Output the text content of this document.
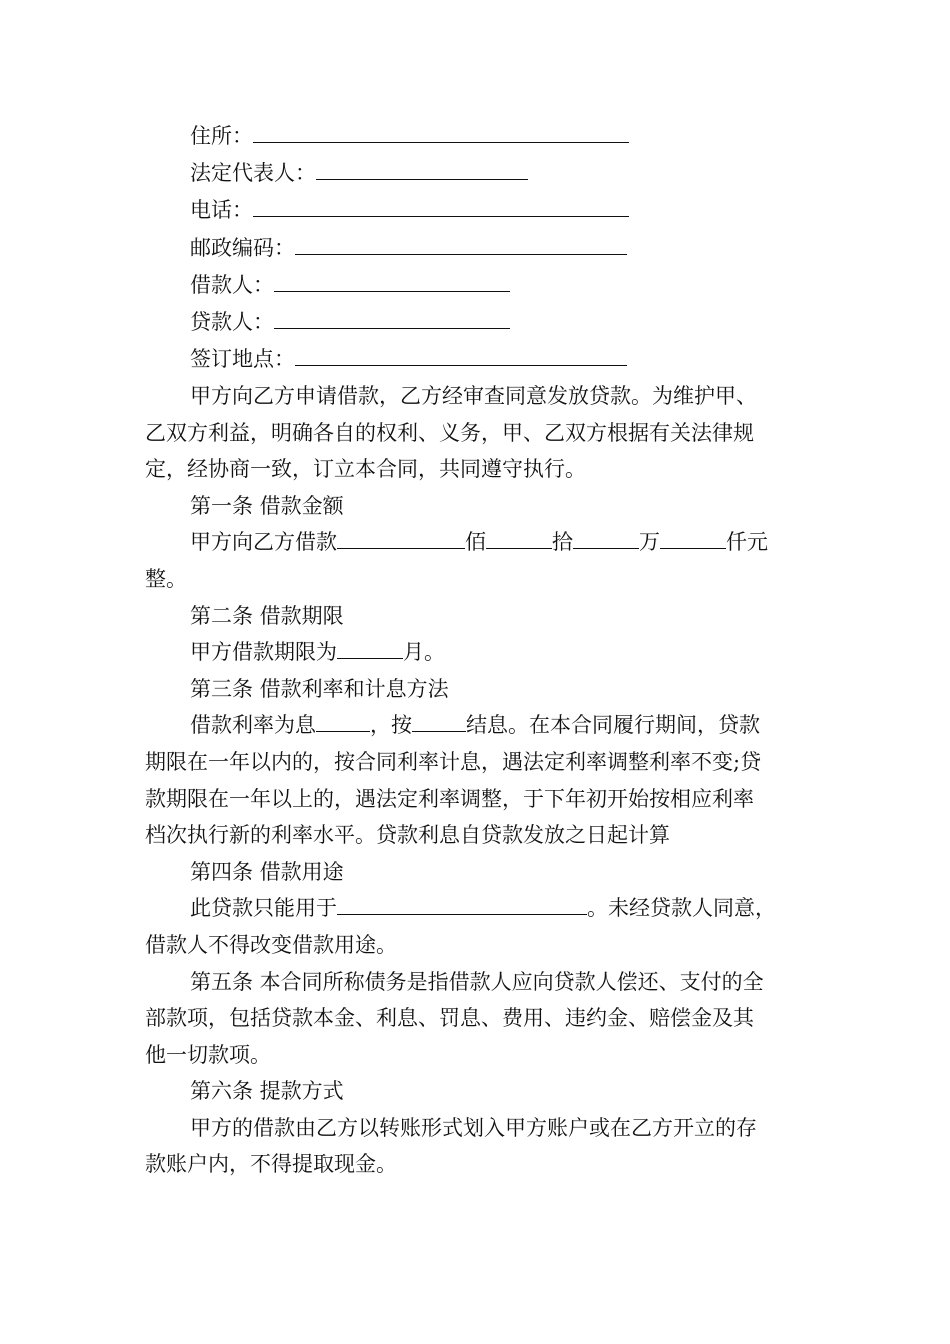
住所：
法定代表人：
电话：
邮政编码：
借款人：
贷款人：
签订地点：
甲方向乙方申请借款，乙方经审查同意发放贷款。为维护甲、
乙双方利益，明确各自的权利、义务，甲、乙双方根据有关法律规
定，经协商一致，订立本合同，共同遵守执行。
第一条 借款金额
甲方向乙方借款	佰	拾	万	仟元
整。
第二条 借款期限
甲方借款期限为	月。
第三条 借款利率和计息方法
借款利率为息	，按	结息。在本合同履行期间，贷款
期限在一年以内的，按合同利率计息，遇法定利率调整利率不变;贷
款期限在一年以上的，遇法定利率调整，于下年初开始按相应利率
档次执行新的利率水平。贷款利息自贷款发放之日起计算
第四条 借款用途
此贷款只能用于	。未经贷款人同意，
借款人不得改变借款用途。
第五条 本合同所称债务是指借款人应向贷款人偿还、支付的全
部款项，包括贷款本金、利息、罚息、费用、违约金、赔偿金及其
他一切款项。
第六条 提款方式
甲方的借款由乙方以转账形式划入甲方账户或在乙方开立的存
款账户内，不得提取现金。
